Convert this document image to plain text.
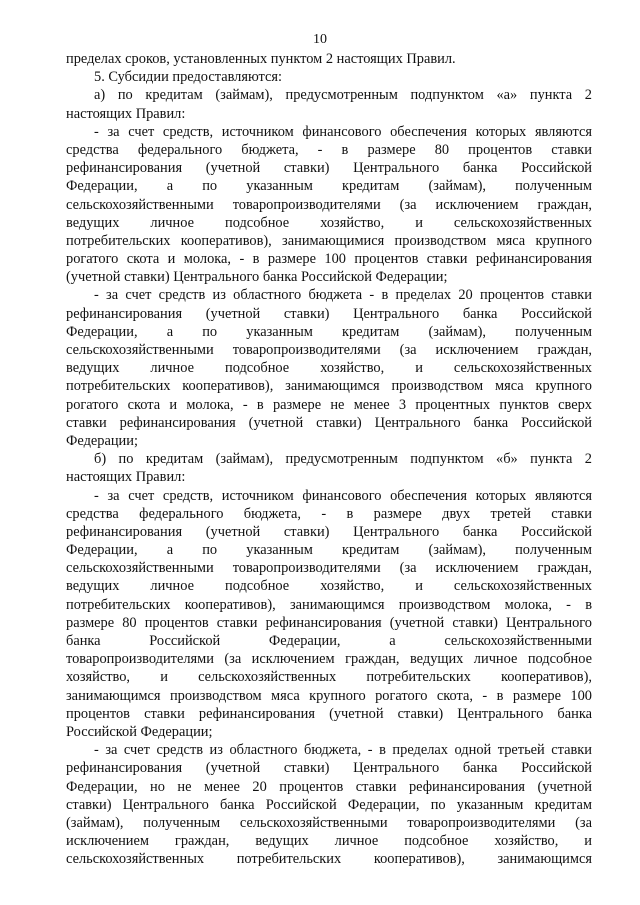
10
пределах сроков, установленных пунктом 2 настоящих Правил.
5. Субсидии предоставляются:
а) по кредитам (займам), предусмотренным подпунктом «а» пункта 2
настоящих Правил:
- за счет средств, источником финансового обеспечения которых являются
средства федерального бюджета, - в размере 80 процентов ставки
рефинансирования (учетной ставки) Центрального банка Российской
Федерации, а по указанным кредитам (займам), полученным
сельскохозяйственными товаропроизводителями (за исключением граждан,
ведущих личное подсобное хозяйство, и сельскохозяйственных
потребительских кооперативов), занимающимися производством мяса крупного
рогатого скота и молока, - в размере 100 процентов ставки рефинансирования
(учетной ставки) Центрального банка Российской Федерации;
- за счет средств из областного бюджета - в пределах 20 процентов ставки
рефинансирования (учетной ставки) Центрального банка Российской
Федерации, а по указанным кредитам (займам), полученным
сельскохозяйственными товаропроизводителями (за исключением граждан,
ведущих личное подсобное хозяйство, и сельскохозяйственных
потребительских кооперативов), занимающимся производством мяса крупного
рогатого скота и молока, - в размере не менее 3 процентных пунктов сверх
ставки рефинансирования (учетной ставки) Центрального банка Российской
Федерации;
б) по кредитам (займам), предусмотренным подпунктом «б» пункта 2
настоящих Правил:
- за счет средств, источником финансового обеспечения которых являются
средства федерального бюджета, - в размере двух третей ставки
рефинансирования (учетной ставки) Центрального банка Российской
Федерации, а по указанным кредитам (займам), полученным
сельскохозяйственными товаропроизводителями (за исключением граждан,
ведущих личное подсобное хозяйство, и сельскохозяйственных
потребительских кооперативов), занимающимся производством молока, - в
размере 80 процентов ставки рефинансирования (учетной ставки) Центрального
банка Российской Федерации, а сельскохозяйственными
товаропроизводителями (за исключением граждан, ведущих личное подсобное
хозяйство, и сельскохозяйственных потребительских кооперативов),
занимающимся производством мяса крупного рогатого скота, - в размере 100
процентов ставки рефинансирования (учетной ставки) Центрального банка
Российской Федерации;
- за счет средств из областного бюджета, - в пределах одной третьей ставки
рефинансирования (учетной ставки) Центрального банка Российской
Федерации, но не менее 20 процентов ставки рефинансирования (учетной
ставки) Центрального банка Российской Федерации, по указанным кредитам
(займам), полученным сельскохозяйственными товаропроизводителями (за
исключением граждан, ведущих личное подсобное хозяйство, и
сельскохозяйственных потребительских кооперативов), занимающимся
